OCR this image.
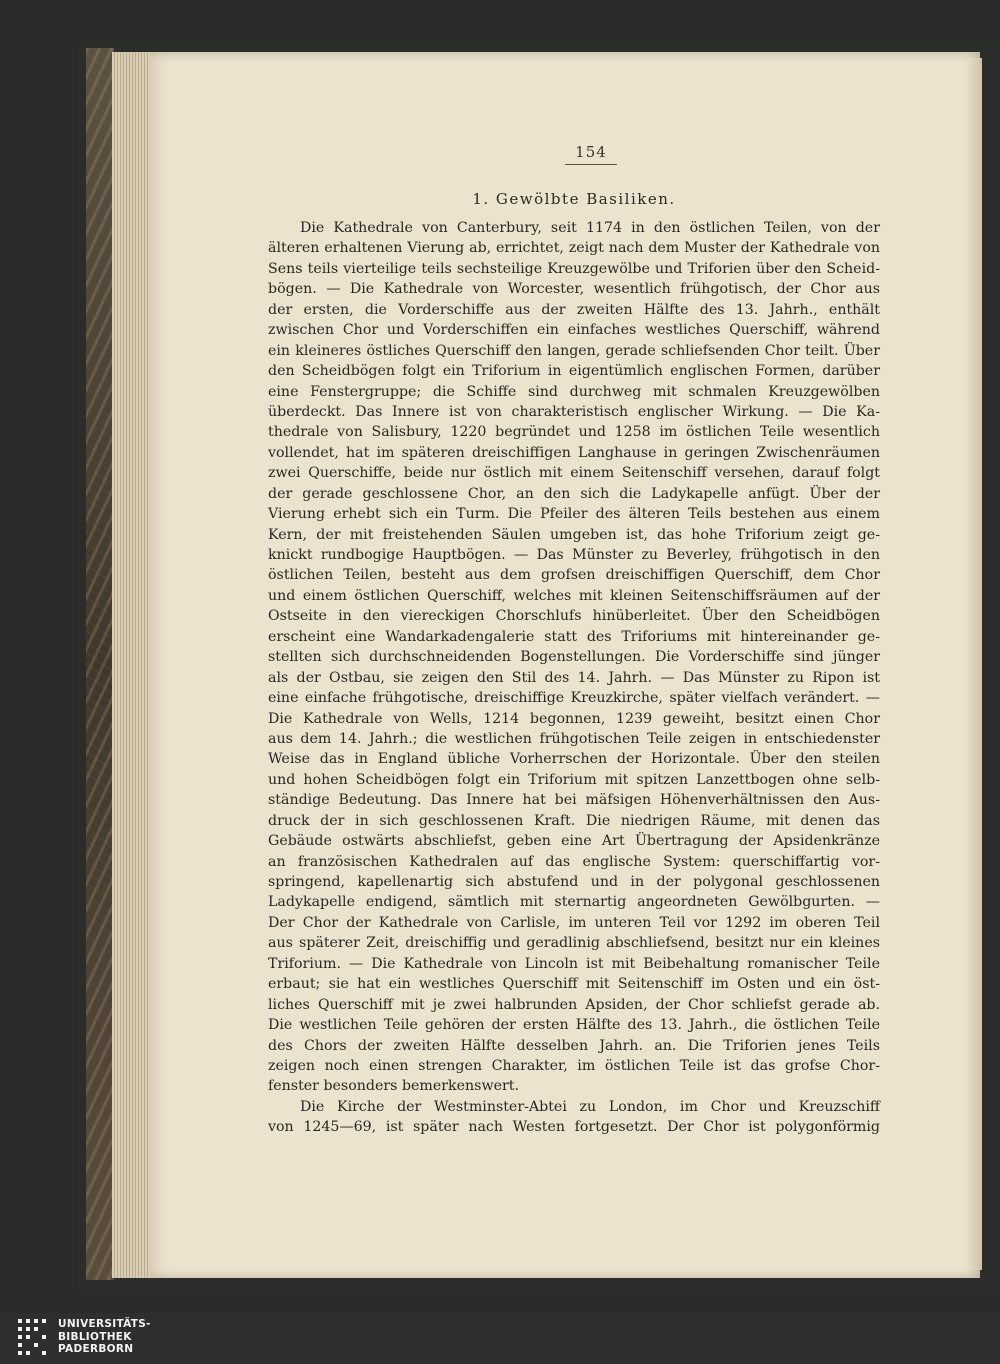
154
1. Gewölbte Basiliken.
Die Kathedrale von Canterbury, seit 1174 in den östlichen Teilen, von der
älteren erhaltenen Vierung ab, errichtet, zeigt nach dem Muster der Kathedrale von
Sens teils vierteilige teils sechsteilige Kreuzgewölbe und Triforien über den Scheid-
bögen. — Die Kathedrale von Worcester, wesentlich frühgotisch, der Chor aus
der ersten, die Vorderschiffe aus der zweiten Hälfte des 13. Jahrh., enthält
zwischen Chor und Vorderschiffen ein einfaches westliches Querschiff, während
ein kleineres östliches Querschiff den langen, gerade schliefsenden Chor teilt. Über
den Scheidbögen folgt ein Triforium in eigentümlich englischen Formen, darüber
eine Fenstergruppe; die Schiffe sind durchweg mit schmalen Kreuzgewölben
überdeckt. Das Innere ist von charakteristisch englischer Wirkung. — Die Ka-
thedrale von Salisbury, 1220 begründet und 1258 im östlichen Teile wesentlich
vollendet, hat im späteren dreischiffigen Langhause in geringen Zwischenräumen
zwei Querschiffe, beide nur östlich mit einem Seitenschiff versehen, darauf folgt
der gerade geschlossene Chor, an den sich die Ladykapelle anfügt. Über der
Vierung erhebt sich ein Turm. Die Pfeiler des älteren Teils bestehen aus einem
Kern, der mit freistehenden Säulen umgeben ist, das hohe Triforium zeigt ge-
knickt rundbogige Hauptbögen. — Das Münster zu Beverley, frühgotisch in den
östlichen Teilen, besteht aus dem grofsen dreischiffigen Querschiff, dem Chor
und einem östlichen Querschiff, welches mit kleinen Seitenschiffsräumen auf der
Ostseite in den viereckigen Chorschlufs hinüberleitet. Über den Scheidbögen
erscheint eine Wandarkadengalerie statt des Triforiums mit hintereinander ge-
stellten sich durchschneidenden Bogenstellungen. Die Vorderschiffe sind jünger
als der Ostbau, sie zeigen den Stil des 14. Jahrh. — Das Münster zu Ripon ist
eine einfache frühgotische, dreischiffige Kreuzkirche, später vielfach verändert. —
Die Kathedrale von Wells, 1214 begonnen, 1239 geweiht, besitzt einen Chor
aus dem 14. Jahrh.; die westlichen frühgotischen Teile zeigen in entschiedenster
Weise das in England übliche Vorherrschen der Horizontale. Über den steilen
und hohen Scheidbögen folgt ein Triforium mit spitzen Lanzettbogen ohne selb-
ständige Bedeutung. Das Innere hat bei mäfsigen Höhenverhältnissen den Aus-
druck der in sich geschlossenen Kraft. Die niedrigen Räume, mit denen das
Gebäude ostwärts abschliefst, geben eine Art Übertragung der Apsidenkränze
an französischen Kathedralen auf das englische System: querschiffartig vor-
springend, kapellenartig sich abstufend und in der polygonal geschlossenen
Ladykapelle endigend, sämtlich mit sternartig angeordneten Gewölbgurten. —
Der Chor der Kathedrale von Carlisle, im unteren Teil vor 1292 im oberen Teil
aus späterer Zeit, dreischiffig und geradlinig abschliefsend, besitzt nur ein kleines
Triforium. — Die Kathedrale von Lincoln ist mit Beibehaltung romanischer Teile
erbaut; sie hat ein westliches Querschiff mit Seitenschiff im Osten und ein öst-
liches Querschiff mit je zwei halbrunden Apsiden, der Chor schliefst gerade ab.
Die westlichen Teile gehören der ersten Hälfte des 13. Jahrh., die östlichen Teile
des Chors der zweiten Hälfte desselben Jahrh. an. Die Triforien jenes Teils
zeigen noch einen strengen Charakter, im östlichen Teile ist das grofse Chor-
fenster besonders bemerkenswert.
Die Kirche der Westminster-Abtei zu London, im Chor und Kreuzschiff
von 1245—69, ist später nach Westen fortgesetzt. Der Chor ist polygonförmig
UNIVERSITÄTS-
BIBLIOTHEK
PADERBORN
